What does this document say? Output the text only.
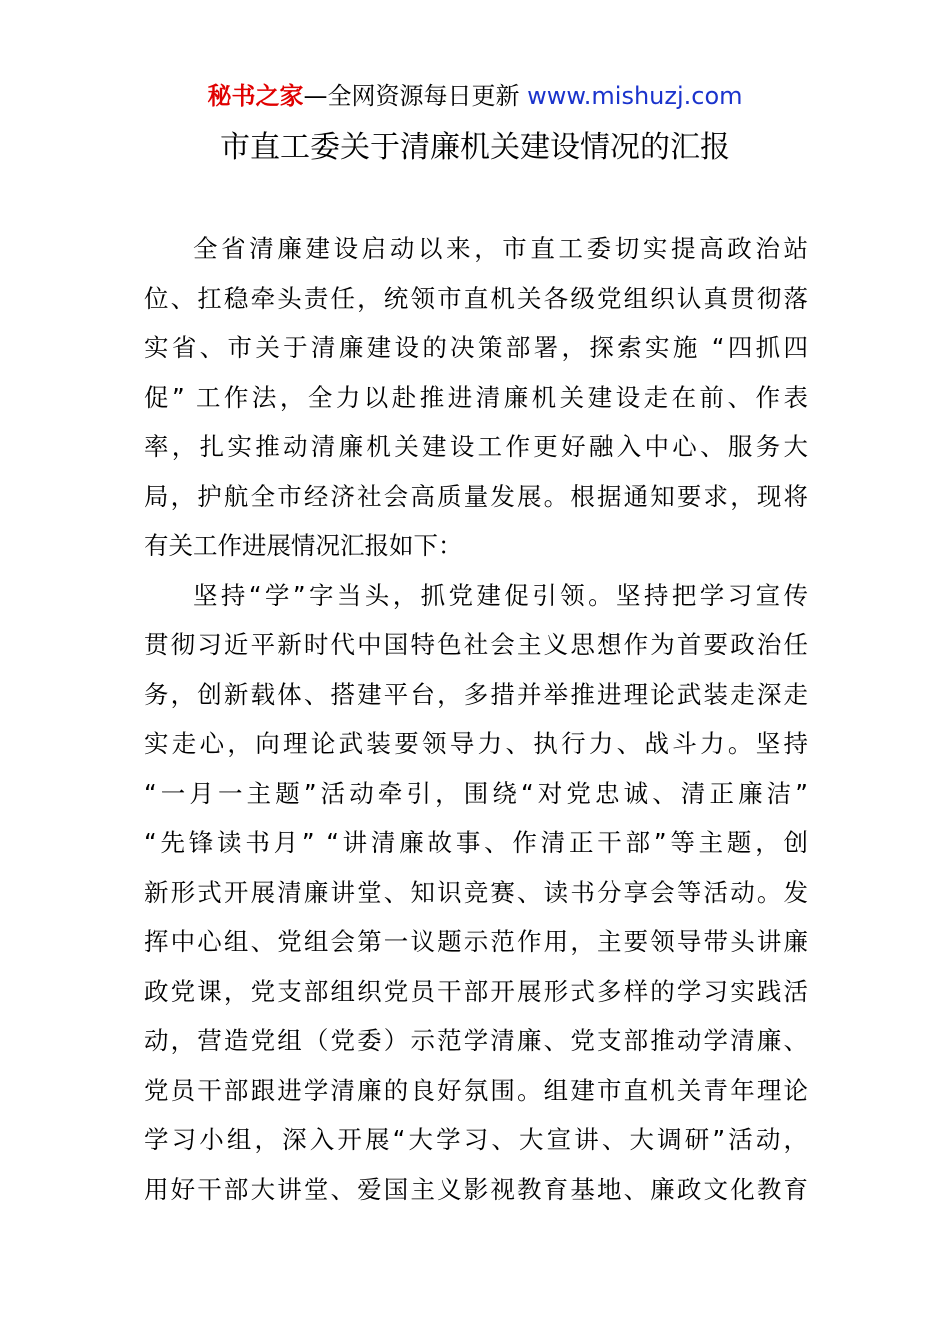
秘书之家—全网资源每日更新 www.mishuzj.com
市直工委关于清廉机关建设情况的汇报
全省清廉建设启动以来，市直工委切实提高政治站
位、扛稳牵头责任，统领市直机关各级党组织认真贯彻落
实省、市关于清廉建设的决策部署，探索实施 “四抓四
促” 工作法，全力以赴推进清廉机关建设走在前、作表
率，扎实推动清廉机关建设工作更好融入中心、服务大
局，护航全市经济社会高质量发展。根据通知要求，现将
有关工作进展情况汇报如下：
坚持“学”字当头，抓党建促引领。坚持把学习宣传
贯彻习近平新时代中国特色社会主义思想作为首要政治任
务，创新载体、搭建平台，多措并举推进理论武装走深走
实走心，向理论武装要领导力、执行力、战斗力。坚持
“一月一主题”活动牵引，围绕“对党忠诚、清正廉洁”
“先锋读书月” “讲清廉故事、作清正干部”等主题，创
新形式开展清廉讲堂、知识竞赛、读书分享会等活动。发
挥中心组、党组会第一议题示范作用，主要领导带头讲廉
政党课，党支部组织党员干部开展形式多样的学习实践活
动，营造党组（党委）示范学清廉、党支部推动学清廉、
党员干部跟进学清廉的良好氛围。组建市直机关青年理论
学习小组，深入开展“大学习、大宣讲、大调研”活动，
用好干部大讲堂、爱国主义影视教育基地、廉政文化教育
